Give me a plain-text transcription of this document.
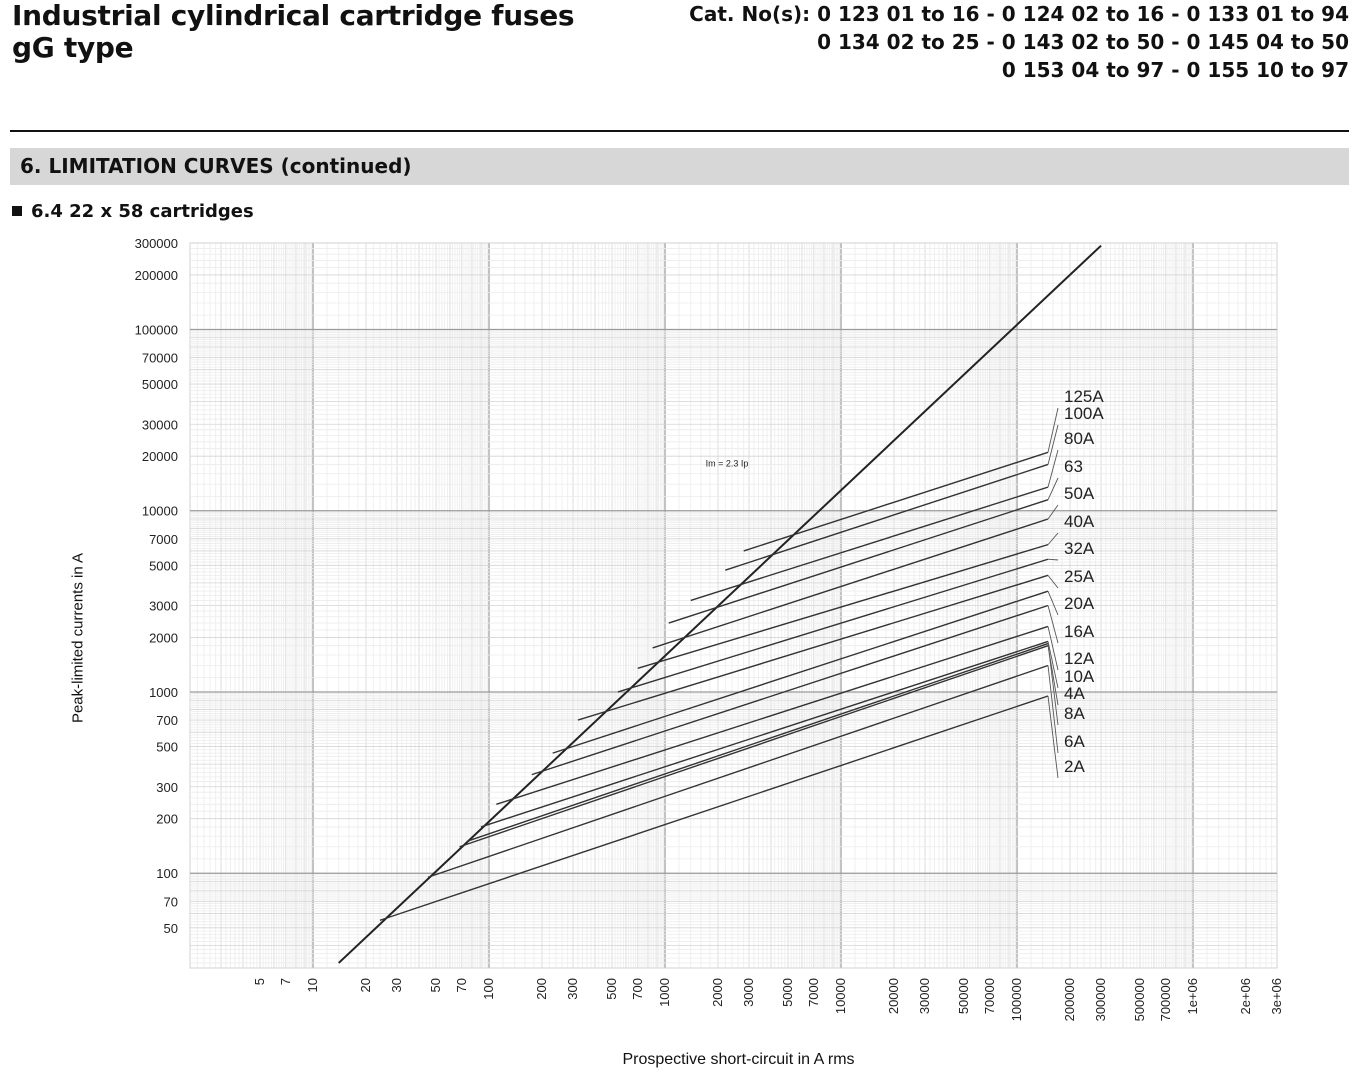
Industrial cylindrical cartridge fuses
gG type
Cat. No(s): 0 123 01 to 16 - 0 124 02 to 16 - 0 133 01 to 94
0 134 02 to 25 - 0 143 02 to 50 - 0 145 04 to 50
0 153 04 to 97 - 0 155 10 to 97
6. LIMITATION CURVES (continued)
6.4 22 x 58 cartridges
50
70
100
200
300
500
700
1000
2000
3000
5000
7000
10000
20000
30000
50000
70000
100000
200000
300000
5 7 10	20 30 50 70 100	200 300 500 700 1000	2000 3000 5000 7000 10000	20000 30000 50000 70000 100000	200000 300000 500000 700000 1e+06	2e+06 3e+06
Im = 2.3 Ip
125A
100A
80A
63
50A
40A
32A
25A
20A
16A
12A
10A
4A
8A
6A
2A
Peak-limited currents in A
Prospective short-circuit in A rms
